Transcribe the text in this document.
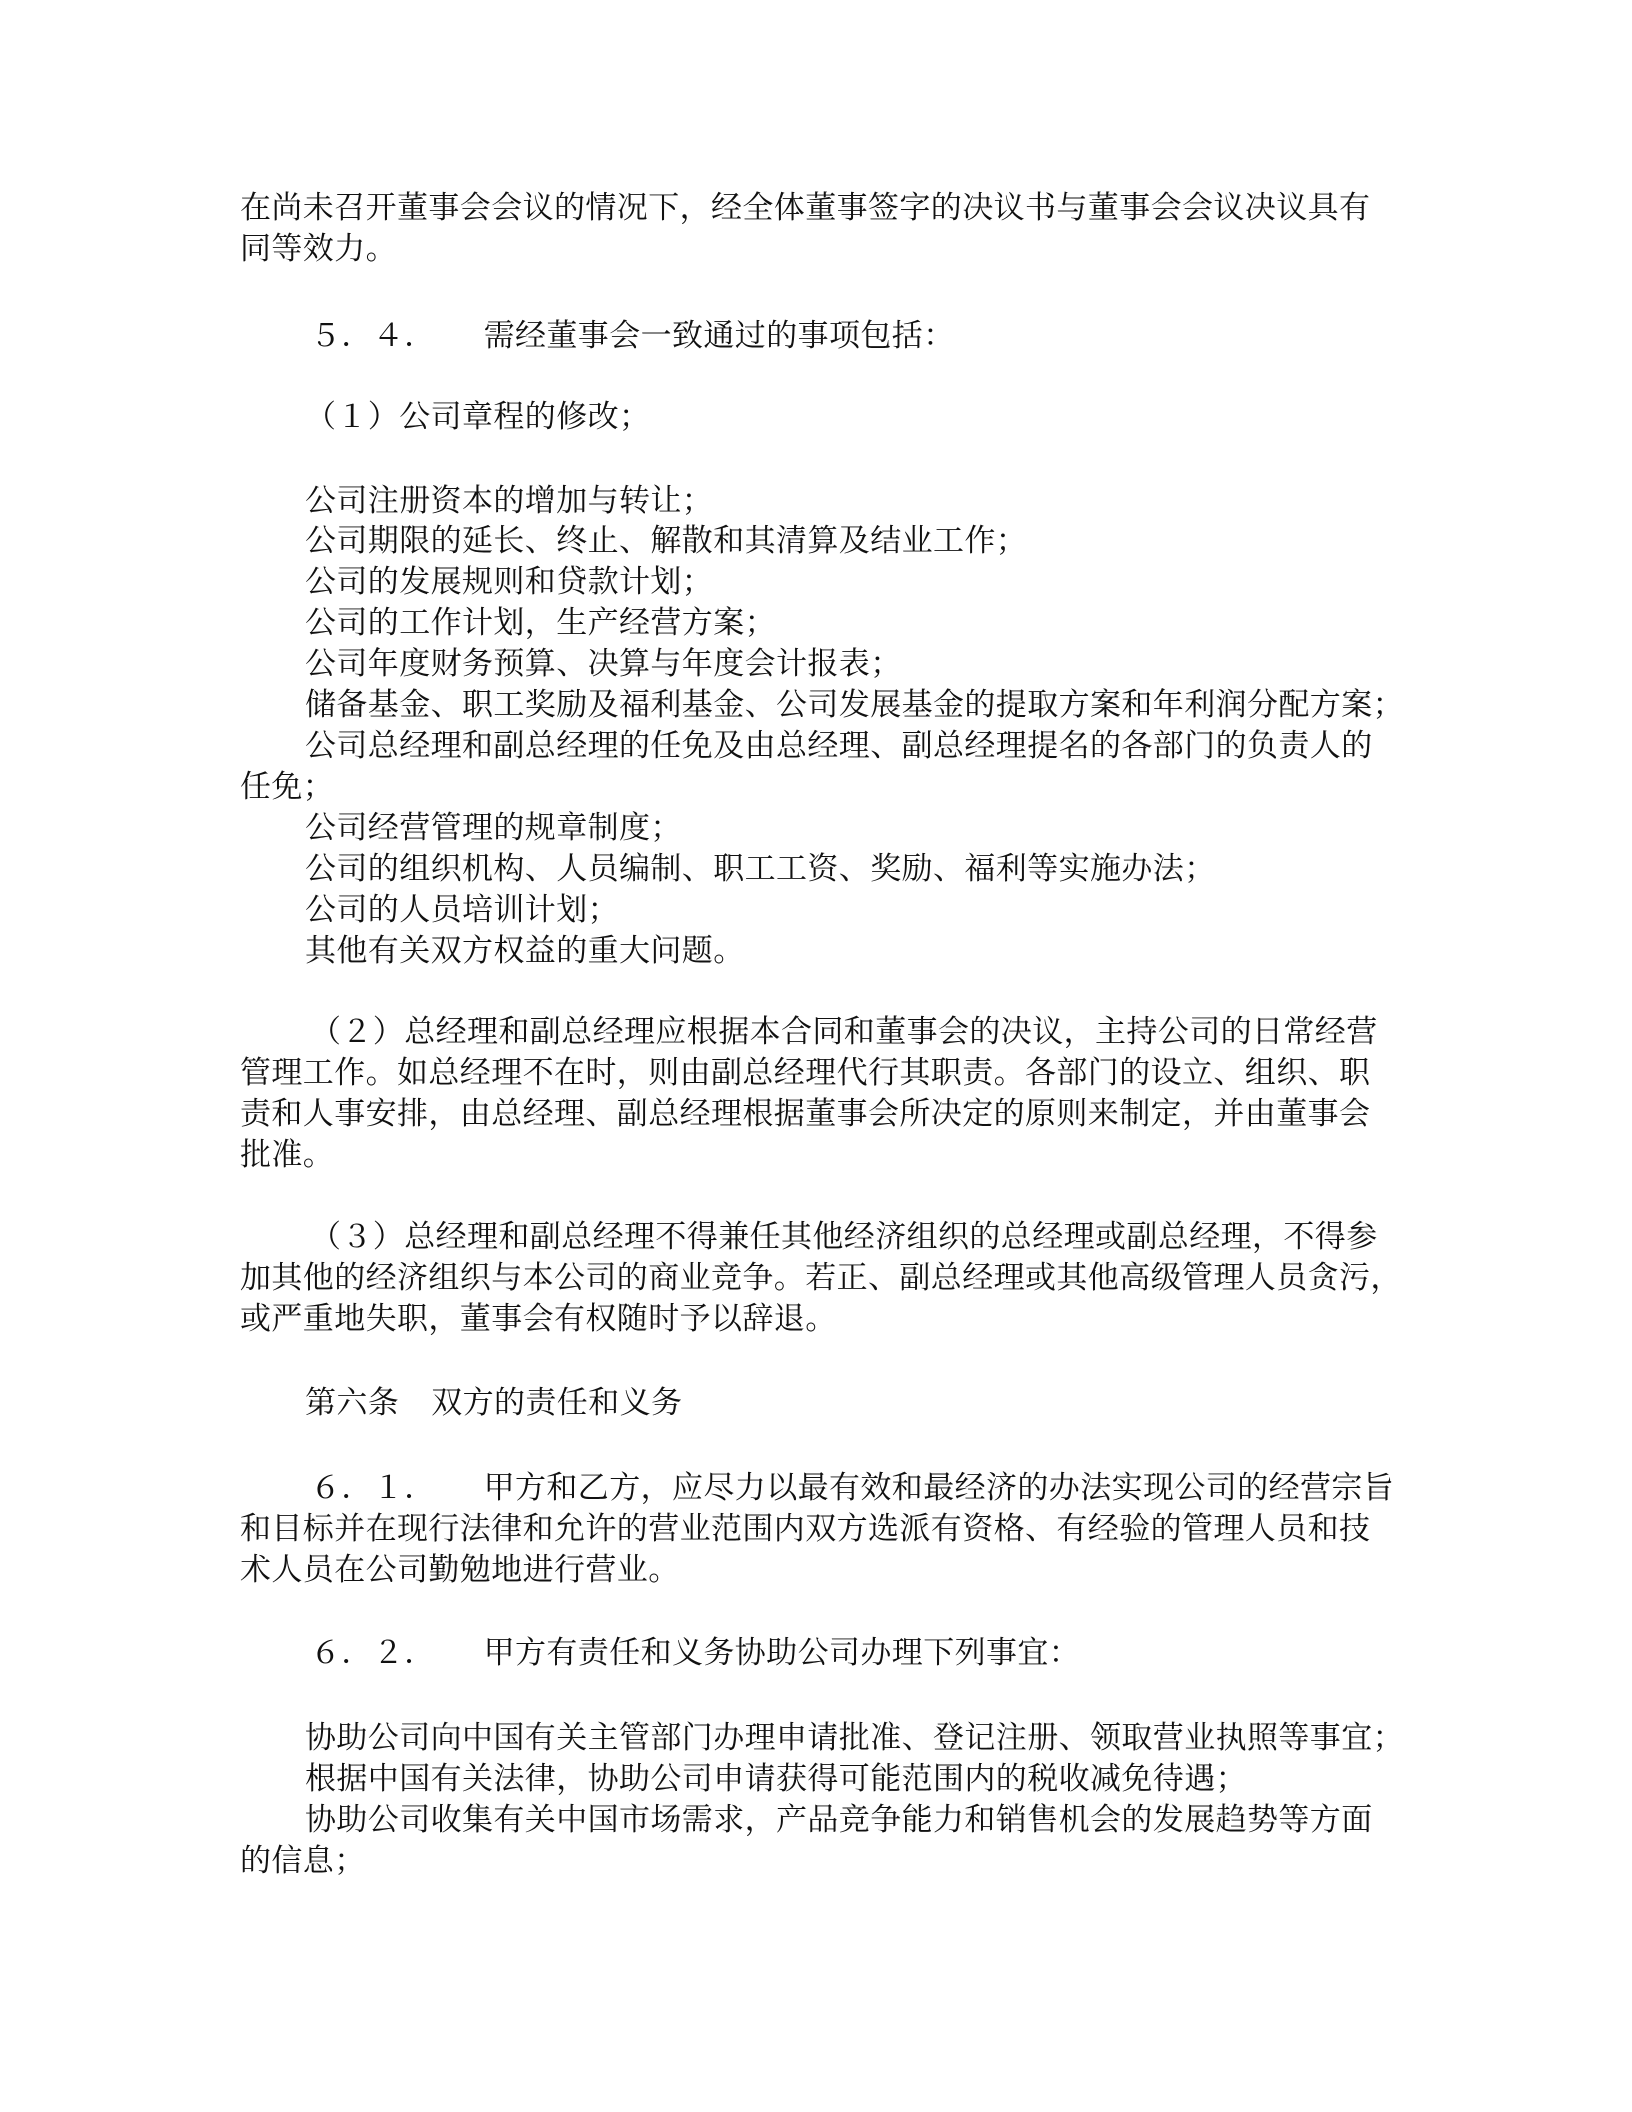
在尚未召开董事会会议的情况下，经全体董事签字的决议书与董事会会议决议具有
同等效力。
５．４． 需经董事会一致通过的事项包括：
（１）公司章程的修改；
公司注册资本的增加与转让；
公司期限的延长、终止、解散和其清算及结业工作；
公司的发展规则和贷款计划；
公司的工作计划，生产经营方案；
公司年度财务预算、决算与年度会计报表；
储备基金、职工奖励及福利基金、公司发展基金的提取方案和年利润分配方案；
公司总经理和副总经理的任免及由总经理、副总经理提名的各部门的负责人的
任免；
公司经营管理的规章制度；
公司的组织机构、人员编制、职工工资、奖励、福利等实施办法；
公司的人员培训计划；
其他有关双方权益的重大问题。
（２）总经理和副总经理应根据本合同和董事会的决议，主持公司的日常经营
管理工作。如总经理不在时，则由副总经理代行其职责。各部门的设立、组织、职
责和人事安排，由总经理、副总经理根据董事会所决定的原则来制定，并由董事会
批准。
（３）总经理和副总经理不得兼任其他经济组织的总经理或副总经理，不得参
加其他的经济组织与本公司的商业竞争。若正、副总经理或其他高级管理人员贪污，
或严重地失职，董事会有权随时予以辞退。
第六条 双方的责任和义务
６．１． 甲方和乙方，应尽力以最有效和最经济的办法实现公司的经营宗旨
和目标并在现行法律和允许的营业范围内双方选派有资格、有经验的管理人员和技
术人员在公司勤勉地进行营业。
６．２． 甲方有责任和义务协助公司办理下列事宜：
协助公司向中国有关主管部门办理申请批准、登记注册、领取营业执照等事宜；
根据中国有关法律，协助公司申请获得可能范围内的税收减免待遇；
协助公司收集有关中国市场需求，产品竞争能力和销售机会的发展趋势等方面
的信息；
